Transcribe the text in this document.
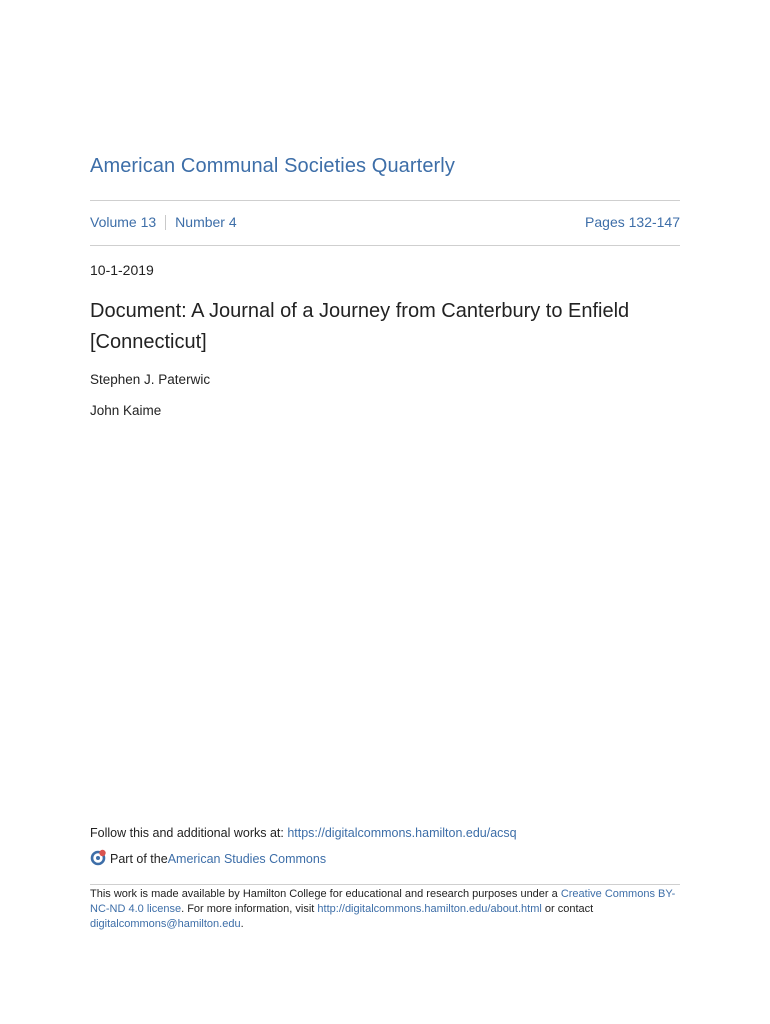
American Communal Societies Quarterly
Volume 13 Number 4	Pages 132-147
10-1-2019
Document: A Journal of a Journey from Canterbury to Enfield [Connecticut]
Stephen J. Paterwic
John Kaime
Follow this and additional works at: https://digitalcommons.hamilton.edu/acsq
Part of the American Studies Commons
This work is made available by Hamilton College for educational and research purposes under a Creative Commons BY-NC-ND 4.0 license. For more information, visit http://digitalcommons.hamilton.edu/about.html or contact digitalcommons@hamilton.edu.
